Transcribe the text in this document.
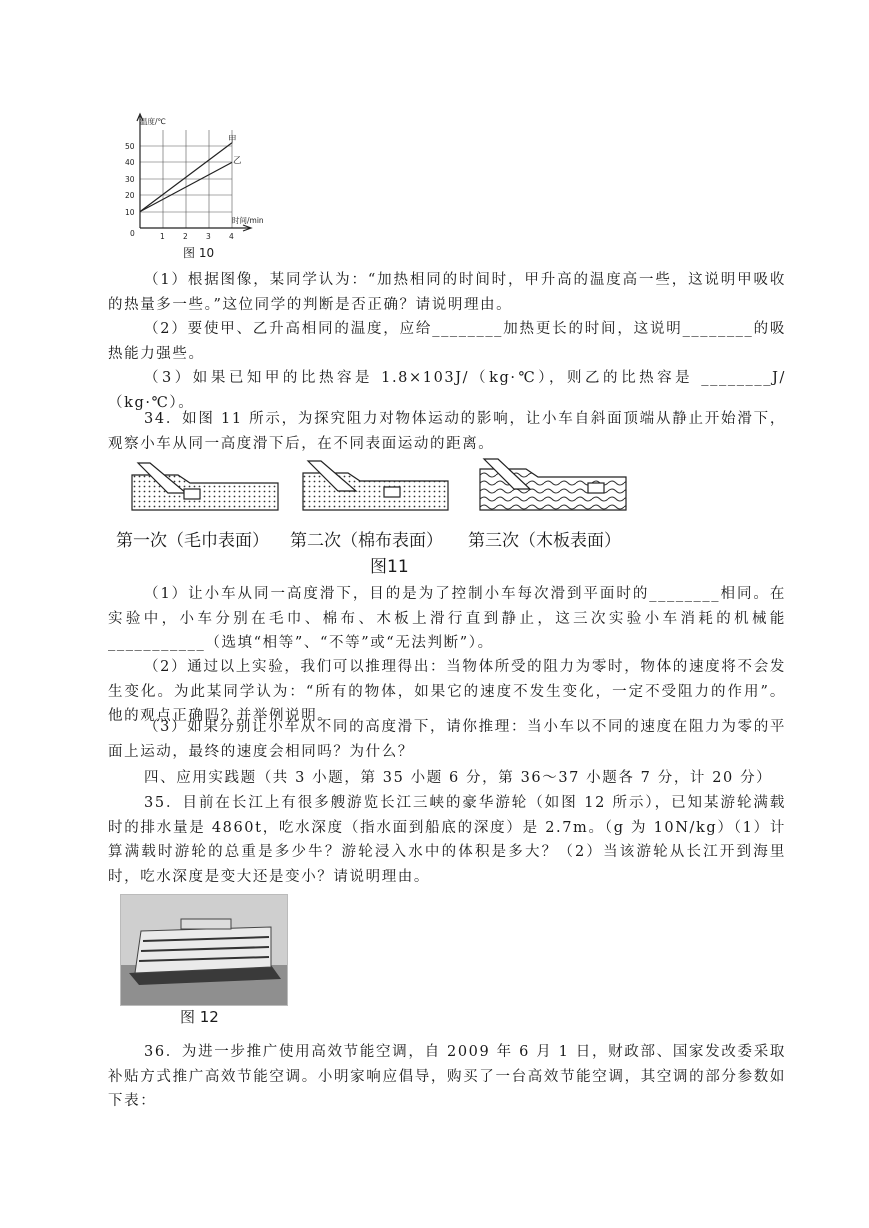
温度/℃
时间/min
50
40
30
20
10
0	1 2 3 4
甲
乙
图 10

（1）根据图像，某同学认为：“加热相同的时间时，甲升高的温度高一些，这说明甲吸收的热量多一些。”这位同学的判断是否正确？请说明理由。

（2）要使甲、乙升高相同的温度，应给________加热更长的时间，这说明________的吸热能力强些。

（3）如果已知甲的比热容是 1.8×103J/（kg·℃），则乙的比热容是 ________J/（kg·℃）。

34．如图 11 所示，为探究阻力对物体运动的影响，让小车自斜面顶端从静止开始滑下，观察小车从同一高度滑下后，在不同表面运动的距离。

第一次（毛巾表面） 第二次（棉布表面） 第三次（木板表面）
图11

（1）让小车从同一高度滑下，目的是为了控制小车每次滑到平面时的________相同。在实验中，小车分别在毛巾、棉布、木板上滑行直到静止，这三次实验小车消耗的机械能___________（选填“相等”、“不等”或“无法判断”）。

（2）通过以上实验，我们可以推理得出：当物体所受的阻力为零时，物体的速度将不会发生变化。为此某同学认为：“所有的物体，如果它的速度不发生变化，一定不受阻力的作用”。他的观点正确吗？并举例说明。

（3）如果分别让小车从不同的高度滑下，请你推理：当小车以不同的速度在阻力为零的平面上运动，最终的速度会相同吗？为什么？

四、应用实践题（共 3 小题，第 35 小题 6 分，第 36～37 小题各 7 分，计 20 分）

35．目前在长江上有很多艘游览长江三峡的豪华游轮（如图 12 所示），已知某游轮满载时的排水量是 4860t，吃水深度（指水面到船底的深度）是 2.7m。（g 为 10N/kg）（1）计算满载时游轮的总重是多少牛？游轮浸入水中的体积是多大？（2）当该游轮从长江开到海里时，吃水深度是变大还是变小？请说明理由。

图 12

36．为进一步推广使用高效节能空调，自 2009 年 6 月 1 日，财政部、国家发改委采取补贴方式推广高效节能空调。小明家响应倡导，购买了一台高效节能空调，其空调的部分参数如下表：
